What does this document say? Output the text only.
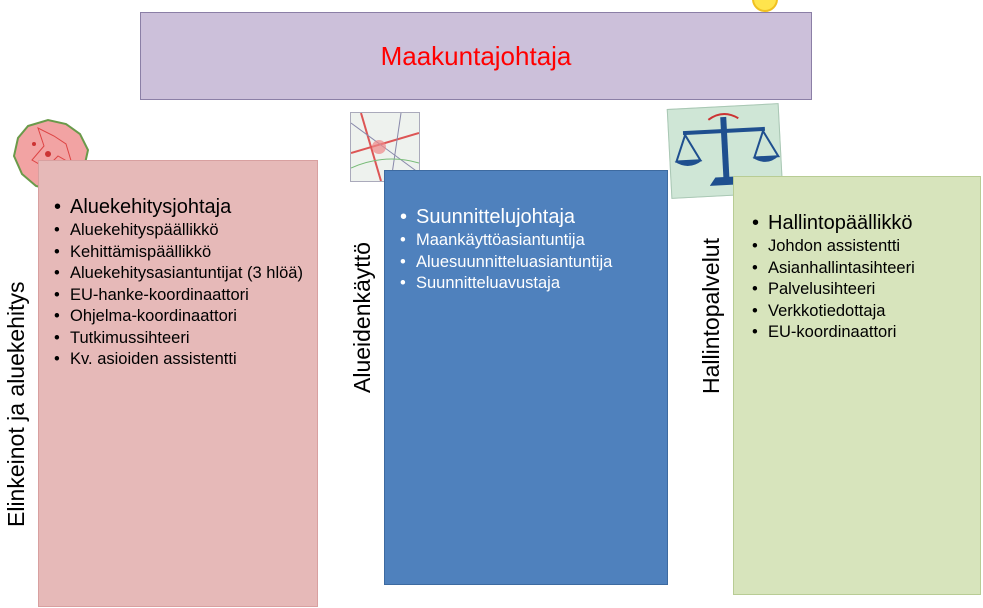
Maakuntajohtaja
Elinkeinot ja aluekehitys	Alueidenkäyttö	Hallintopalvelut
• Aluekehitysjohtaja
• Aluekehityspäällikkö
• Kehittämispäällikkö
• Aluekehitysasiantuntijat (3 hlöä)
• EU-hanke-koordinaattori
• Ohjelma-koordinaattori
• Tutkimussihteeri
• Kv. asioiden assistentti
• Suunnittelujohtaja
• Maankäyttöasiantuntija
• Aluesuunnitteluasiantuntija
• Suunnitteluavustaja
• Hallintopäällikkö
• Johdon assistentti
• Asianhallintasihteeri
• Palvelusihteeri
• Verkkotiedottaja
• EU-koordinaattori
